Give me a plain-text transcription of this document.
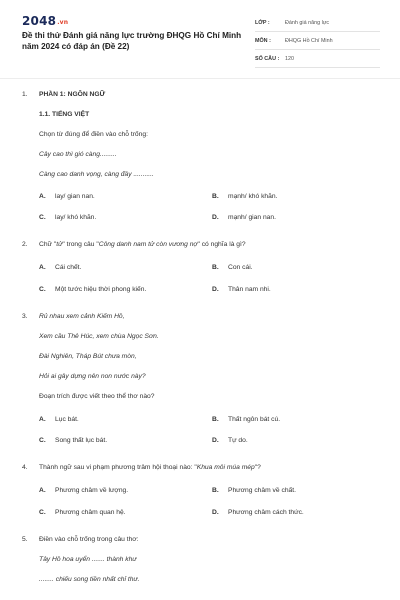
2048.vn
Đề thi thử Đánh giá năng lực trường ĐHQG Hồ Chí Minh năm 2024 có đáp án (Đề 22)
LỚP :	Đánh giá năng lực
MÔN :	ĐHQG Hồ Chí Minh
SỐ CÂU :	120
1. PHẦN 1: NGÔN NGỮ
1.1. TIẾNG VIỆT
Chọn từ đúng để điền vào chỗ trống:
Cây cao thì gió càng.........
Càng cao danh vọng, càng đầy ...........
A. lay/ gian nan.	B. mạnh/ khó khăn.
C. lay/ khó khăn.	D. mạnh/ gian nan.
2. Chữ "tử" trong câu "Công danh nam tử còn vương nợ" có nghĩa là gì?
A. Cái chết.	B. Con cái.
C. Một tước hiệu thời phong kiến.	D. Thân nam nhi.
3. Rủ nhau xem cảnh Kiếm Hồ,
Xem cầu Thê Húc, xem chùa Ngọc Sơn.
Đài Nghiên, Tháp Bút chưa mòn,
Hỏi ai gây dựng nên non nước này?
Đoạn trích được viết theo thể thơ nào?
A. Lục bát.	B. Thất ngôn bát cú.
C. Song thất lục bát.	D. Tự do.
4. Thành ngữ sau vi phạm phương trâm hội thoại nào: "Khua môi múa mép"?
A. Phương châm về lượng.	B. Phương châm về chất.
C. Phương châm quan hệ.	D. Phương châm cách thức.
5. Điền vào chỗ trống trong câu thơ:
Tây Hồ hoa uyển ....... thành khư
........ chiếu song tiền nhất chỉ thư.
